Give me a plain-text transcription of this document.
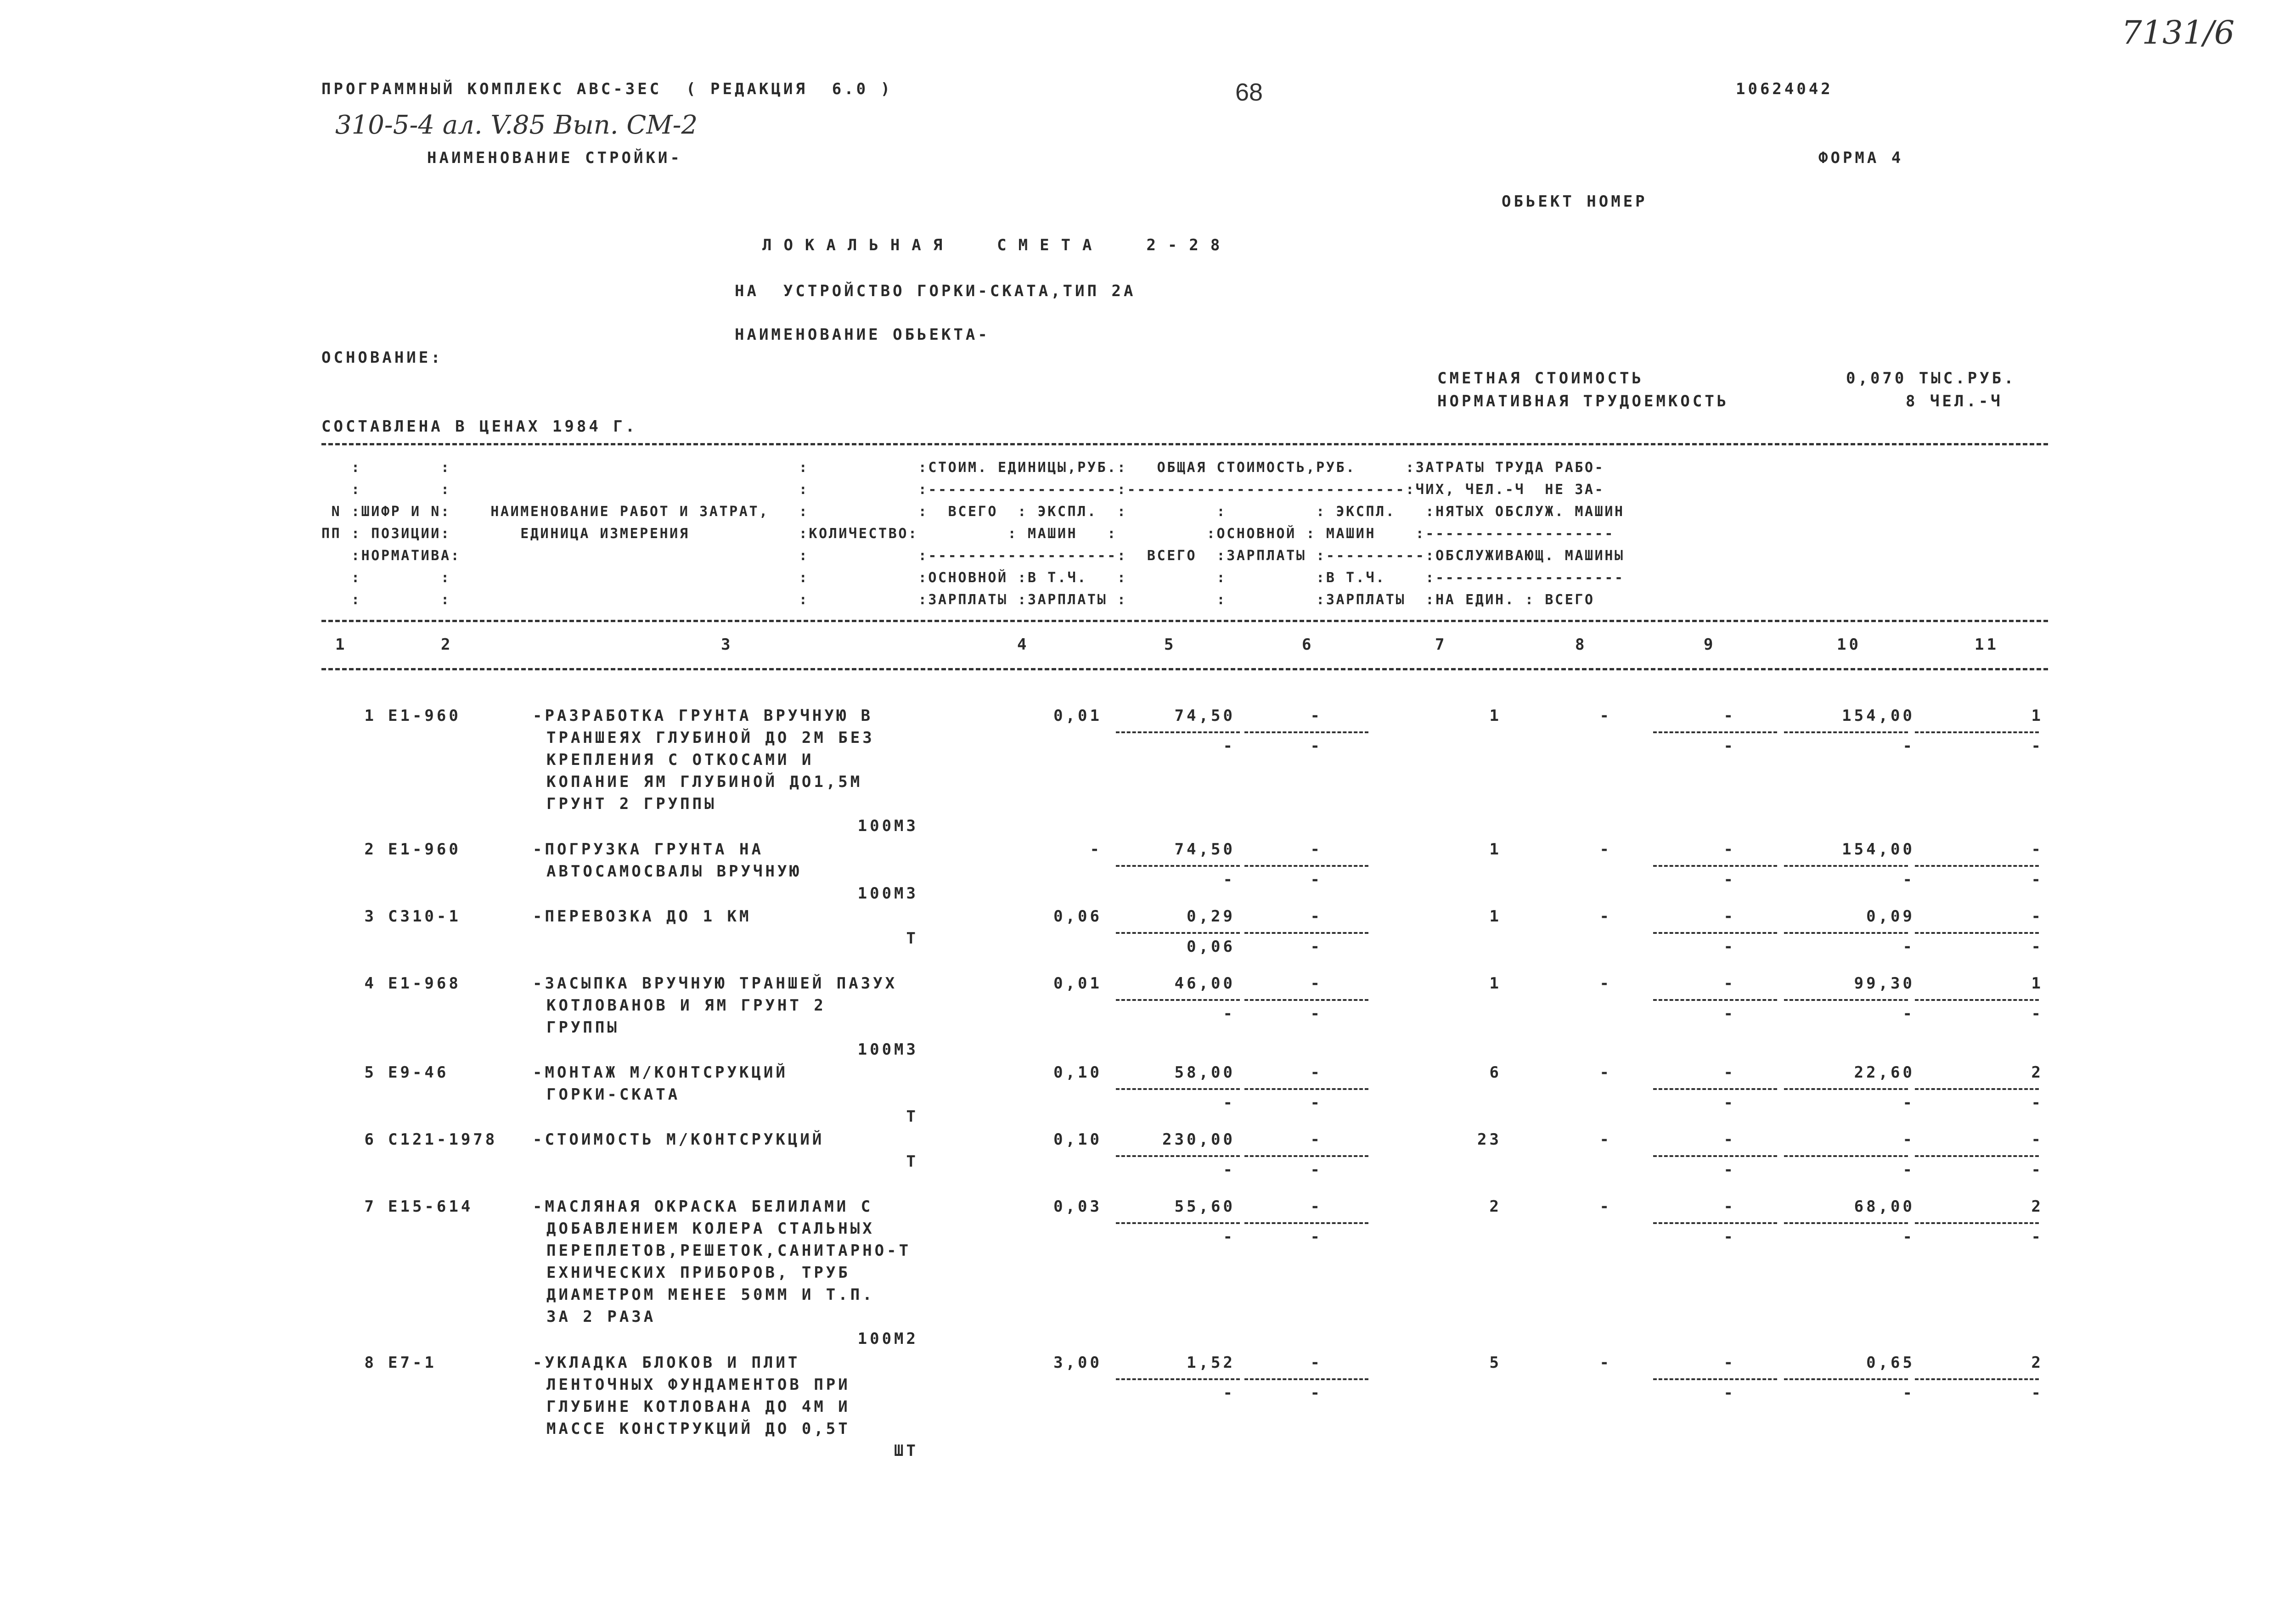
7131/6
ПРОГРАММНЫЙ КОМПЛЕКС АВС-3ЕС  ( РЕДАКЦИЯ  6.0 )	68	10624042
310-5-4 ал. V.85 Вып. СМ-2
НАИМЕНОВАНИЕ СТРОЙКИ-	ФОРМА 4
ОБЬЕКТ НОМЕР
ЛОКАЛЬНАЯ  СМЕТА  2-28
НА  УСТРОЙСТВО ГОРКИ-СКАТА,ТИП 2А
НАИМЕНОВАНИЕ ОБЬЕКТА-
ОСНОВАНИЕ:
СМЕТНАЯ СТОИМОСТЬ	0,070 ТЫС.РУБ.
НОРМАТИВНАЯ ТРУДОЕМКОСТЬ	8 ЧЕЛ.-Ч
СОСТАВЛЕНА В ЦЕНАХ 1984 Г.
:        :                                   :           :СТОИМ. ЕДИНИЦЫ,РУБ.:   ОБЩАЯ СТОИМОСТЬ,РУБ.     :ЗАТРАТЫ ТРУДА РАБО-
:        :                                   :           :-------------------:----------------------------:ЧИХ, ЧЕЛ.-Ч  НЕ ЗА-
N :ШИФР И N:    НАИМЕНОВАНИЕ РАБОТ И ЗАТРАТ,   :           :  ВСЕГО  : ЭКСПЛ.  :         :         : ЭКСПЛ.   :НЯТЫХ ОБСЛУЖ. МАШИН
ПП : ПОЗИЦИИ:       ЕДИНИЦА ИЗМЕРЕНИЯ           :КОЛИЧЕСТВО:         : МАШИН   :         :ОСНОВНОЙ : МАШИН    :-------------------
:НОРМАТИВА:                                  :           :-------------------:  ВСЕГО  :ЗАРПЛАТЫ :----------:ОБСЛУЖИВАЮЩ. МАШИНЫ
:        :                                   :           :ОСНОВНОЙ :В Т.Ч.   :         :         :В Т.Ч.    :-------------------
:        :                                   :           :ЗАРПЛАТЫ :ЗАРПЛАТЫ :         :         :ЗАРПЛАТЫ  :НА ЕДИН. : ВСЕГО
1	2	3	4	5	6	7	8	9	10	11
1 Е1-960	-РАЗРАБОТКА ГРУНТА ВРУЧНУЮ В
ТРАНШЕЯХ ГЛУБИНОЙ ДО 2М БЕЗ
КРЕПЛЕНИЯ С ОТКОСАМИ И
КОПАНИЕ ЯМ ГЛУБИНОЙ ДО1,5М
ГРУНТ 2 ГРУППЫ
100М3
0,01	74,50	-	1	-	-	154,00	1
-	-	-	-	-
2 Е1-960	-ПОГРУЗКА ГРУНТА НА
АВТОСАМОСВАЛЫ ВРУЧНУЮ
100М3
-	74,50	-	1	-	-	154,00	-
-	-	-	-	-
3 С310-1	-ПЕРЕВОЗКА ДО 1 КМ
Т
0,06	0,29	-	1	-	-	0,09	-
0,06	-	-	-	-
4 Е1-968	-ЗАСЫПКА ВРУЧНУЮ ТРАНШЕЙ ПАЗУХ
КОТЛОВАНОВ И ЯМ ГРУНТ 2
ГРУППЫ
100М3
0,01	46,00	-	1	-	-	99,30	1
-	-	-	-	-
5 Е9-46	-МОНТАЖ М/КОНТСРУКЦИЙ
ГОРКИ-СКАТА
Т
0,10	58,00	-	6	-	-	22,60	2
-	-	-	-	-
6 С121-1978 -СТОИМОСТЬ М/КОНТСРУКЦИЙ
Т
0,10	230,00	-	23	-	-	-	-
-	-	-	-	-
7 Е15-614	-МАСЛЯНАЯ ОКРАСКА БЕЛИЛАМИ С
ДОБАВЛЕНИЕМ КОЛЕРА СТАЛЬНЫХ
ПЕРЕПЛЕТОВ,РЕШЕТОК,САНИТАРНО-Т
ЕХНИЧЕСКИХ ПРИБОРОВ, ТРУБ
ДИАМЕТРОМ МЕНЕЕ 50ММ И Т.П.
ЗА 2 РАЗА
100М2
0,03	55,60	-	2	-	-	68,00	2
-	-	-	-	-
8 Е7-1	-УКЛАДКА БЛОКОВ И ПЛИТ
ЛЕНТОЧНЫХ ФУНДАМЕНТОВ ПРИ
ГЛУБИНЕ КОТЛОВАНА ДО 4М И
МАССЕ КОНСТРУКЦИЙ ДО 0,5Т
ШТ
3,00	1,52	-	5	-	-	0,65	2
-	-	-	-	-
